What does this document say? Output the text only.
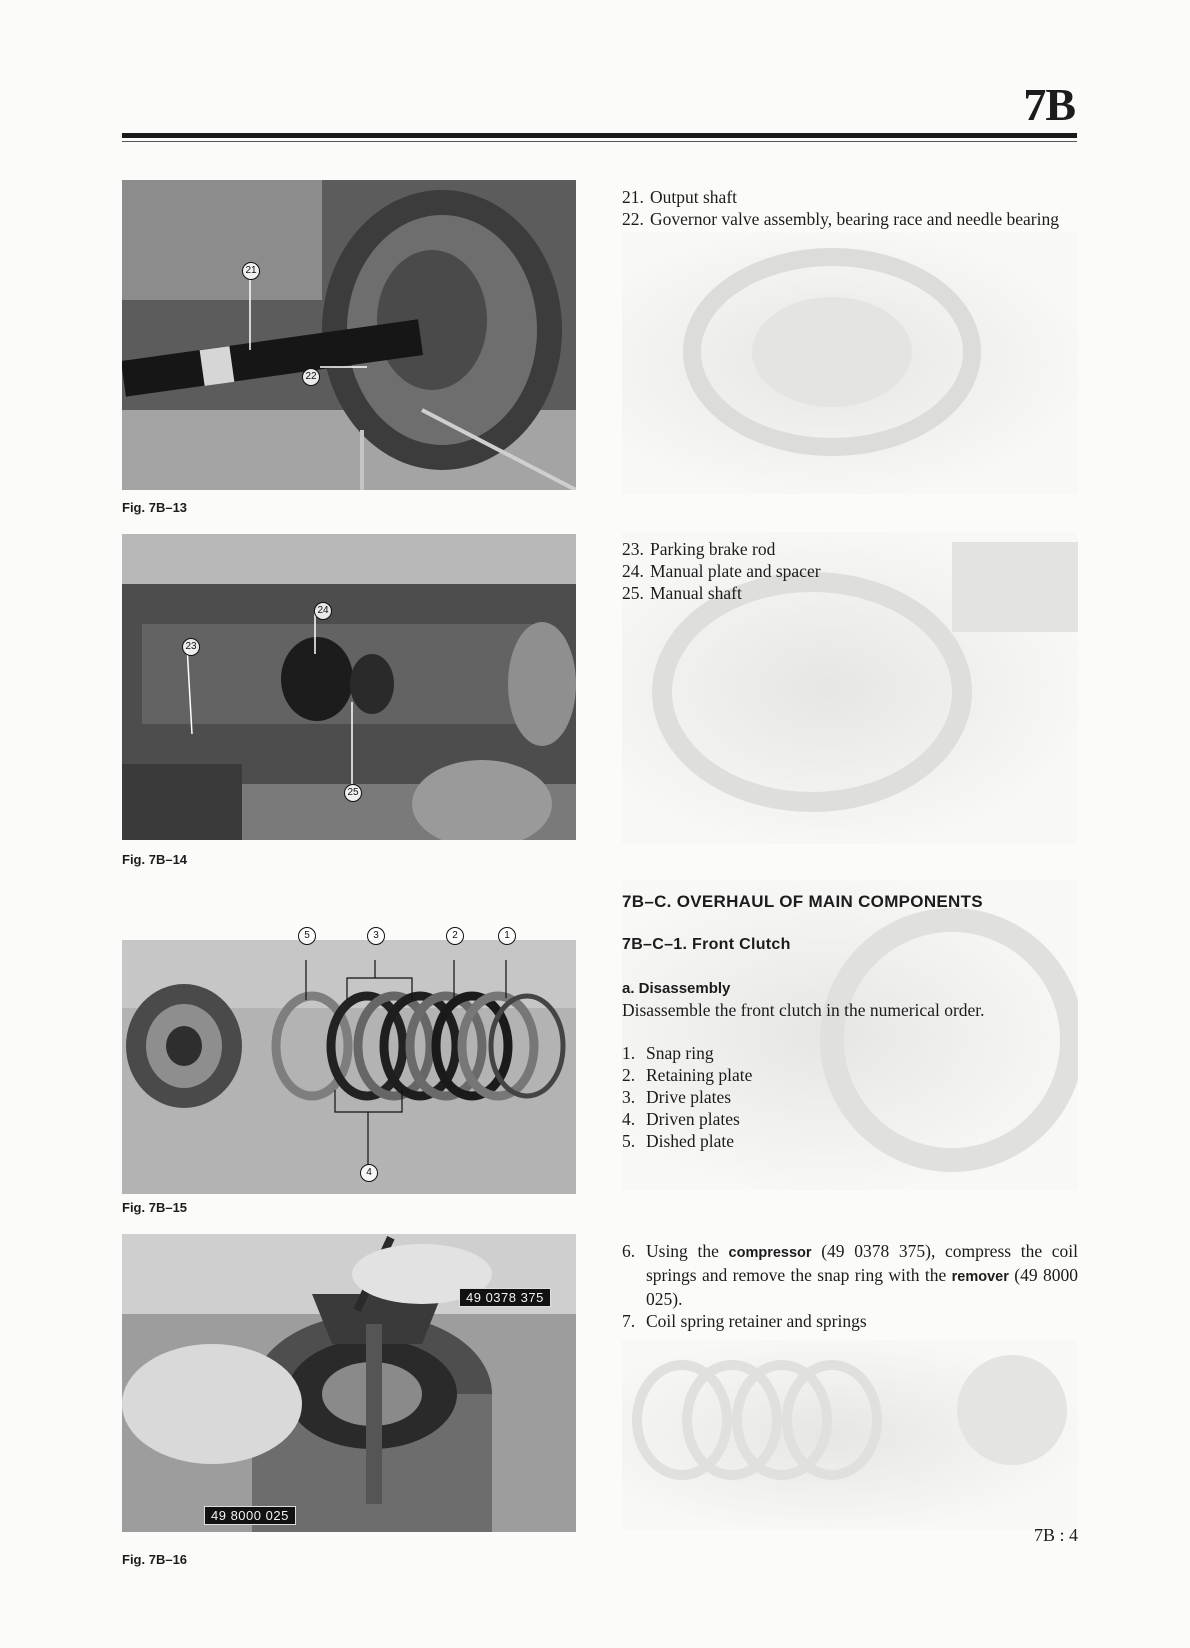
7B
21
22
Fig. 7B–13
24
23
25
Fig. 7B–14
5	3	2	1
4
Fig. 7B–15
49 0378 375
49 8000 025
Fig. 7B–16
21. Output shaft
22. Governor valve assembly, bearing race and needle bearing
23. Parking brake rod
24. Manual plate and spacer
25. Manual shaft
7B–C. OVERHAUL OF MAIN COMPONENTS
7B–C–1. Front Clutch
a. Disassembly
Disassemble the front clutch in the numerical order.
1. Snap ring
2. Retaining plate
3. Drive plates
4. Driven plates
5. Dished plate
6. Using the compressor (49 0378 375), compress the coil springs and remove the snap ring with the remover (49 8000 025).
7. Coil spring retainer and springs
7B : 4
